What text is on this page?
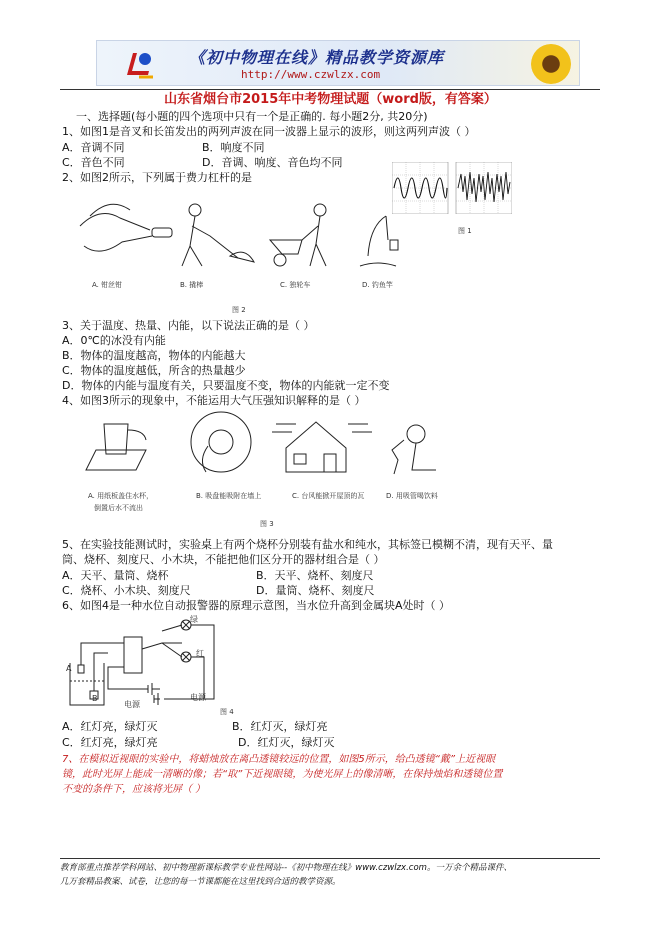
《初中物理在线》精品教学资源库
http://www.czwlzx.com
山东省烟台市2015年中考物理试题（word版，有答案）
一、选择题(每小题的四个选项中只有一个是正确的. 每小题2分, 共20分)
1、如图1是音叉和长笛发出的两列声波在同一波器上显示的波形，则这两列声波（ ）
A．音调不同	B．响度不同
C．音色不同	D．音调、响度、音色均不同
图 1
2、如图2所示，下列属于费力杠杆的是
A. 钳丝钳	B. 撬棒	C. 独轮车	D. 钓鱼竿
图 2
3、关于温度、热量、内能，以下说法正确的是（ ）
A．0℃的冰没有内能
B．物体的温度越高，物体的内能越大
C．物体的温度越低，所含的热量越少
D．物体的内能与温度有关，只要温度不变，物体的内能就一定不变
4、如图3所示的现象中，不能运用大气压强知识解释的是（ ）
A. 用纸板盖住水杯，
倒置后水不流出
B. 吸盘能吸附在墙上	C. 台风能掀开屋顶的瓦	D. 用吸管喝饮料
图 3
5、在实验技能测试时，实验桌上有两个烧杯分别装有盐水和纯水，其标签已模糊不清，现有天平、量
筒、烧杯、刻度尺、小木块，不能把他们区分开的器材组合是（ ）
A．天平、量筒、烧杯	B．天平、烧杯、刻度尺
C．烧杯、小木块、刻度尺	D．量筒、烧杯、刻度尺
6、如图4是一种水位自动报警器的原理示意图，当水位升高到金属块A处时（ ）
绿
红
A
B
电源
电源
图 4
A．红灯亮，绿灯灭	B．红灯灭，绿灯亮
C．红灯亮，绿灯亮	D．红灯灭，绿灯灭
7、在模拟近视眼的实验中，将蜡烛放在离凸透镜较远的位置，如图5所示，给凸透镜“戴”上近视眼
镜，此时光屏上能成一清晰的像；若“取”下近视眼镜，为使光屏上的像清晰，在保持烛焰和透镜位置
不变的条件下，应该将光屏（ ）
教育部重点推荐学科网站、初中物理新课标教学专业性网站--《初中物理在线》www.czwlzx.com。一万余个精品课件、
几万套精品教案、试卷，让您的每一节课都能在这里找到合适的教学资源。
